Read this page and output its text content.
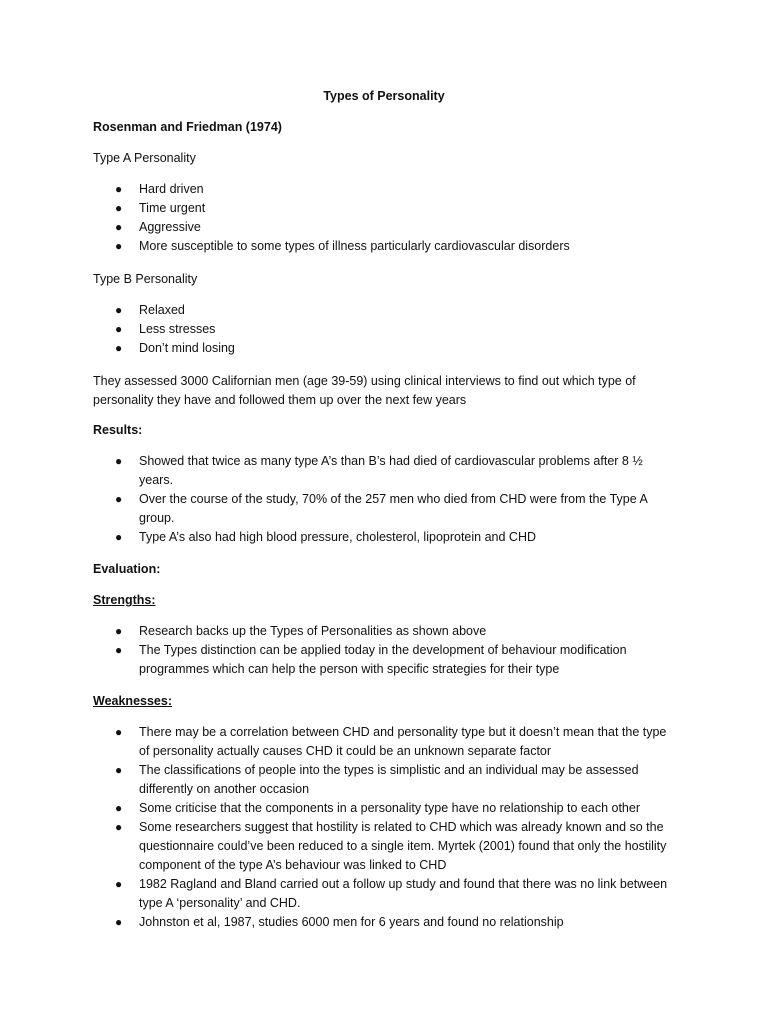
Types of Personality

Rosenman and Friedman (1974)

Type A Personality

● Hard driven
● Time urgent
● Aggressive
● More susceptible to some types of illness particularly cardiovascular disorders

Type B Personality

● Relaxed
● Less stresses
● Don’t mind losing

They assessed 3000 Californian men (age 39-59) using clinical interviews to find out which type of personality they have and followed them up over the next few years

Results:

● Showed that twice as many type A’s than B’s had died of cardiovascular problems after 8 ½ years.
● Over the course of the study, 70% of the 257 men who died from CHD were from the Type A group.
● Type A’s also had high blood pressure, cholesterol, lipoprotein and CHD

Evaluation:

Strengths:

● Research backs up the Types of Personalities as shown above
● The Types distinction can be applied today in the development of behaviour modification programmes which can help the person with specific strategies for their type

Weaknesses:

● There may be a correlation between CHD and personality type but it doesn’t mean that the type of personality actually causes CHD it could be an unknown separate factor
● The classifications of people into the types is simplistic and an individual may be assessed differently on another occasion
● Some criticise that the components in a personality type have no relationship to each other
● Some researchers suggest that hostility is related to CHD which was already known and so the questionnaire could’ve been reduced to a single item. Myrtek (2001) found that only the hostility component of the type A’s behaviour was linked to CHD
● 1982 Ragland and Bland carried out a follow up study and found that there was no link between type A ‘personality’ and CHD.
● Johnston et al, 1987, studies 6000 men for 6 years and found no relationship
